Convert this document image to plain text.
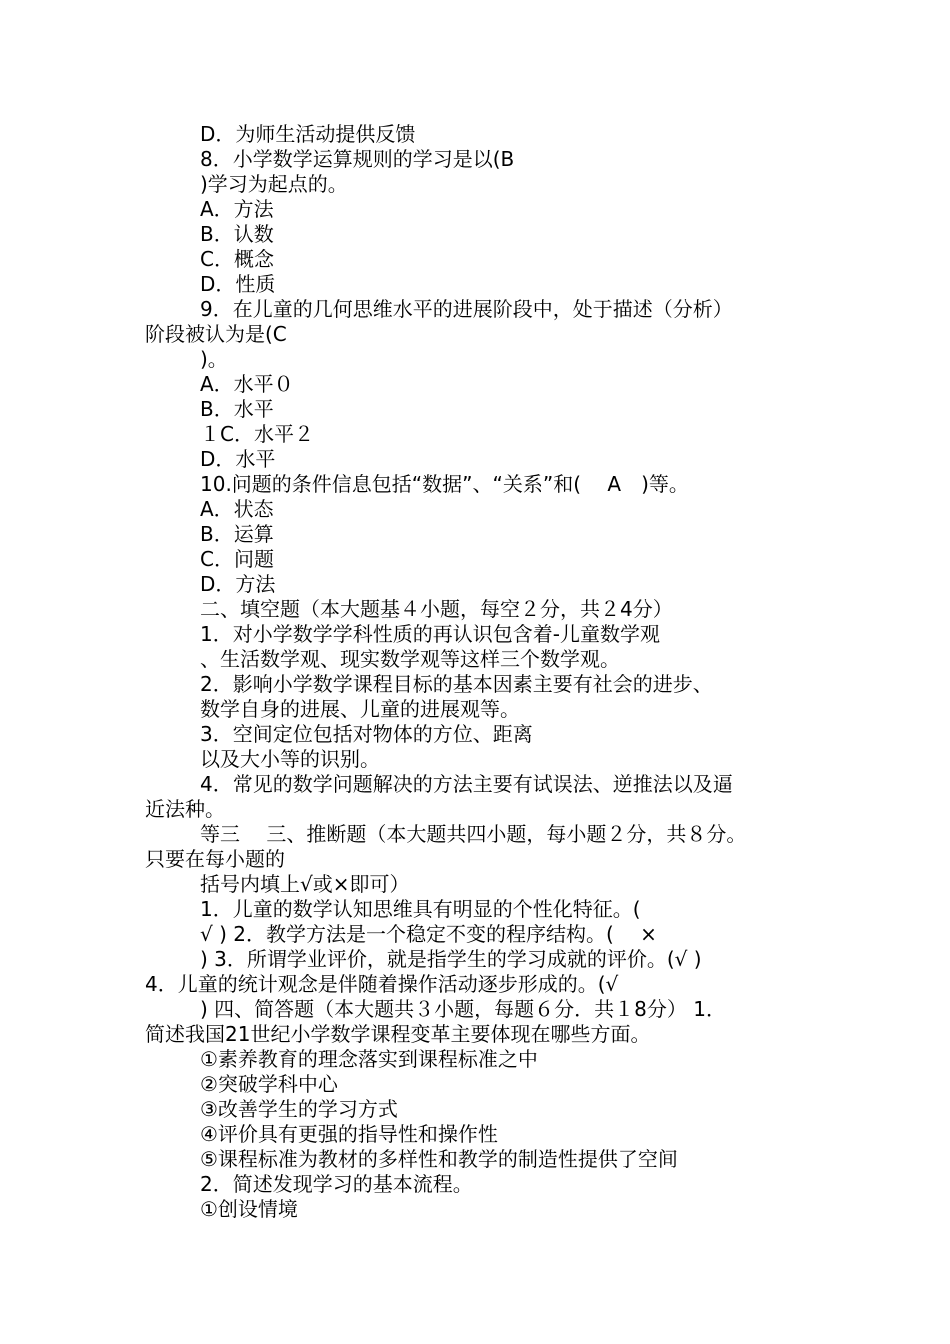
D．为师生活动提供反馈
8．小学数学运算规则的学习是以(B
)学习为起点的。
A．方法
B．认数
C．概念
D．性质
9．在儿童的几何思维水平的进展阶段中，处于描述（分析）
阶段被认为是(C
)。
A．水平０
B．水平
１C．水平２
D．水平
10.问题的条件信息包括“数据”、“关系”和(　 A　)等。
A．状态
B．运算
C．问题
D．方法
二、填空题（本大题基４小题，每空２分，共２4分）
1．对小学数学学科性质的再认识包含着-儿童数学观
、生活数学观、现实数学观等这样三个数学观。
2．影响小学数学课程目标的基本因素主要有社会的进步、
数学自身的进展、儿童的进展观等。
3．空间定位包括对物体的方位、距离
以及大小等的识别。
4．常见的数学问题解决的方法主要有试误法、逆推法以及逼
近法种。
等三　 三、推断题（本大题共四小题，每小题２分，共８分。
只要在每小题的
括号内填上√或×即可）
1．儿童的数学认知思维具有明显的个性化特征。(
√ ) 2．教学方法是一个稳定不变的程序结构。(　 ×
) 3．所谓学业评价，就是指学生的学习成就的评价。(√ )
4．儿童的统计观念是伴随着操作活动逐步形成的。(√
) 四、简答题（本大题共３小题，每题６分．共１8分） 1．
简述我国21世纪小学数学课程变革主要体现在哪些方面。
①素养教育的理念落实到课程标准之中
②突破学科中心
③改善学生的学习方式
④评价具有更强的指导性和操作性
⑤课程标准为教材的多样性和教学的制造性提供了空间
2．简述发现学习的基本流程。
①创设情境
